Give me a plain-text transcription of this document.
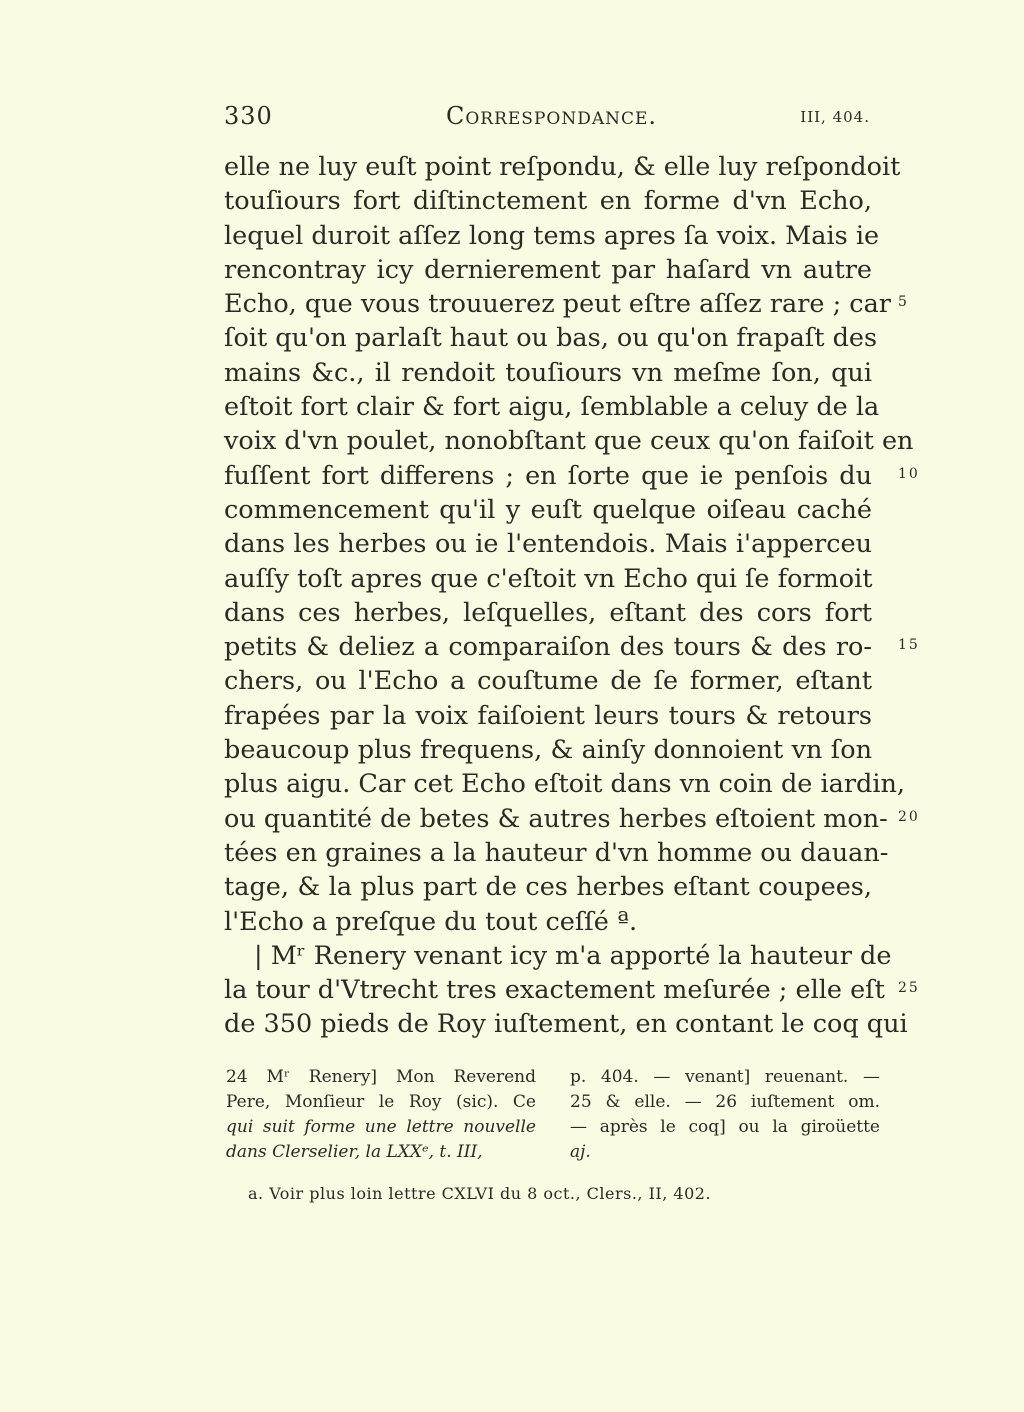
330	Correspondance.	III, 404.
elle ne luy euſt point reſpondu, & elle luy reſpondoit
touſiours fort diſtinctement en forme d'vn Echo,
lequel duroit aſſez long tems apres ſa voix. Mais ie
rencontray icy dernierement par haſard vn autre
Echo, que vous trouuerez peut eſtre aſſez rare ; car
ſoit qu'on parlaſt haut ou bas, ou qu'on frapaſt des
mains &c., il rendoit touſiours vn meſme ſon, qui
eſtoit fort clair & fort aigu, ſemblable a celuy de la
voix d'vn poulet, nonobſtant que ceux qu'on faiſoit en
fuſſent fort differens ; en ſorte que ie penſois du
commencement qu'il y euſt quelque oiſeau caché
dans les herbes ou ie l'entendois. Mais i'apperceu
auſſy toſt apres que c'eſtoit vn Echo qui ſe formoit
dans ces herbes, leſquelles, eſtant des cors fort
petits & deliez a comparaiſon des tours & des ro-
chers, ou l'Echo a couſtume de ſe former, eſtant
frapées par la voix faiſoient leurs tours & retours
beaucoup plus frequens, & ainſy donnoient vn ſon
plus aigu. Car cet Echo eſtoit dans vn coin de iardin,
ou quantité de betes & autres herbes eſtoient mon-
tées en graines a la hauteur d'vn homme ou dauan-
tage, & la plus part de ces herbes eſtant coupees,
l'Echo a preſque du tout ceſſé ª.
| Mʳ Renery venant icy m'a apporté la hauteur de
la tour d'Vtrecht tres exactement meſurée ; elle eſt
de 350 pieds de Roy iuſtement, en contant le coq qui
5
10
15
20
25
24 Mʳ Renery] Mon Reverend
Pere, Monſieur le Roy (sic). Ce
qui suit forme une lettre nouvelle
dans Clerselier, la LXXᵉ, t. III,
p. 404. — venant] reuenant. —
25 & elle. — 26 iuſtement om.
— après le coq] ou la giroüette
aj.
a. Voir plus loin lettre CXLVI du 8 oct., Clers., II, 402.
